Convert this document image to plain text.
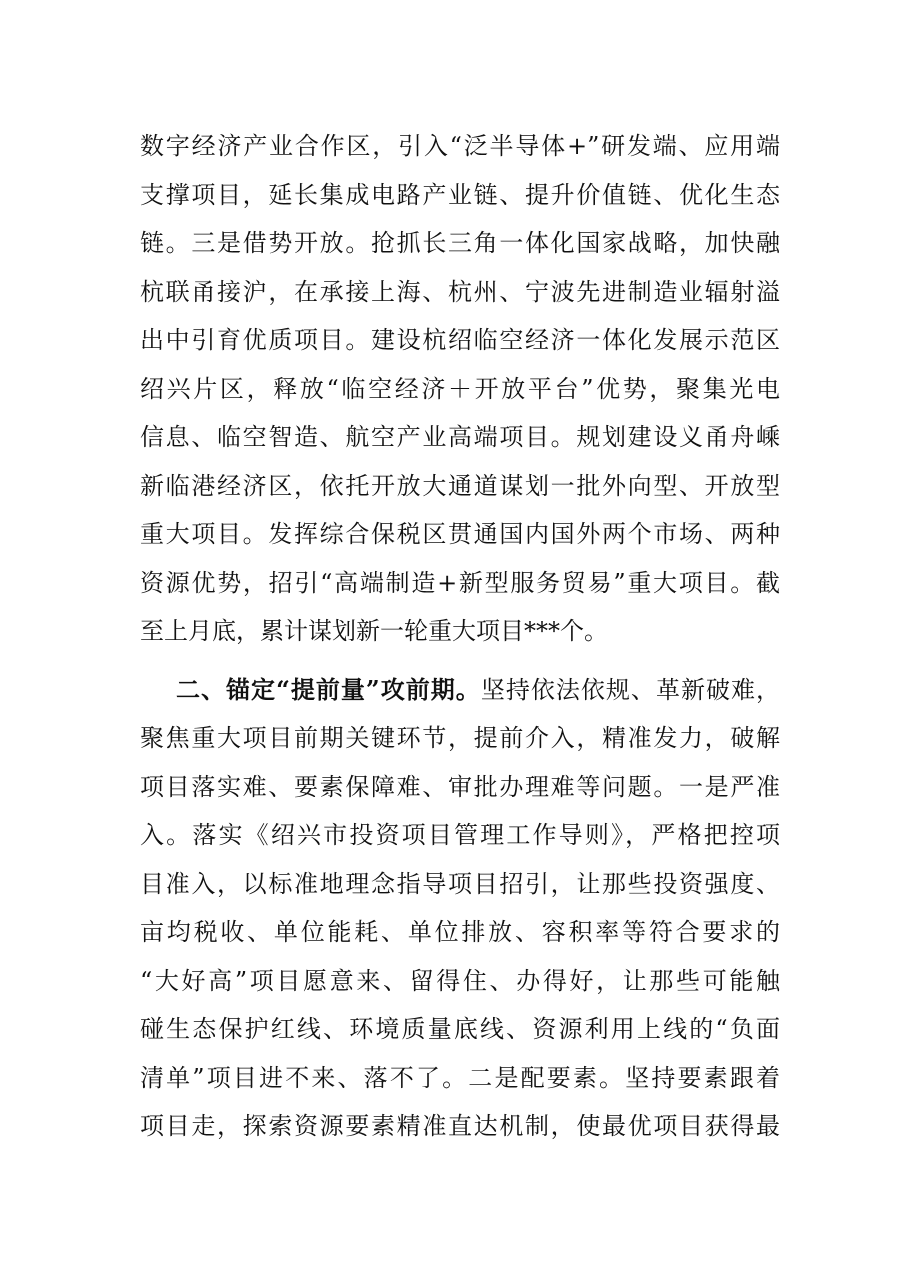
数字经济产业合作区，引入“泛半导体+”研发端、应用端
支撑项目，延长集成电路产业链、提升价值链、优化生态
链。三是借势开放。抢抓长三角一体化国家战略，加快融
杭联甬接沪，在承接上海、杭州、宁波先进制造业辐射溢
出中引育优质项目。建设杭绍临空经济一体化发展示范区
绍兴片区，释放“临空经济＋开放平台”优势，聚集光电
信息、临空智造、航空产业高端项目。规划建设义甬舟嵊
新临港经济区，依托开放大通道谋划一批外向型、开放型
重大项目。发挥综合保税区贯通国内国外两个市场、两种
资源优势，招引“高端制造+新型服务贸易”重大项目。截
至上月底，累计谋划新一轮重大项目***个。
二、锚定“提前量”攻前期。坚持依法依规、革新破难，
聚焦重大项目前期关键环节，提前介入，精准发力，破解
项目落实难、要素保障难、审批办理难等问题。一是严准
入。落实《绍兴市投资项目管理工作导则》，严格把控项
目准入，以标准地理念指导项目招引，让那些投资强度、
亩均税收、单位能耗、单位排放、容积率等符合要求的
“大好高”项目愿意来、留得住、办得好，让那些可能触
碰生态保护红线、环境质量底线、资源利用上线的“负面
清单”项目进不来、落不了。二是配要素。坚持要素跟着
项目走，探索资源要素精准直达机制，使最优项目获得最
